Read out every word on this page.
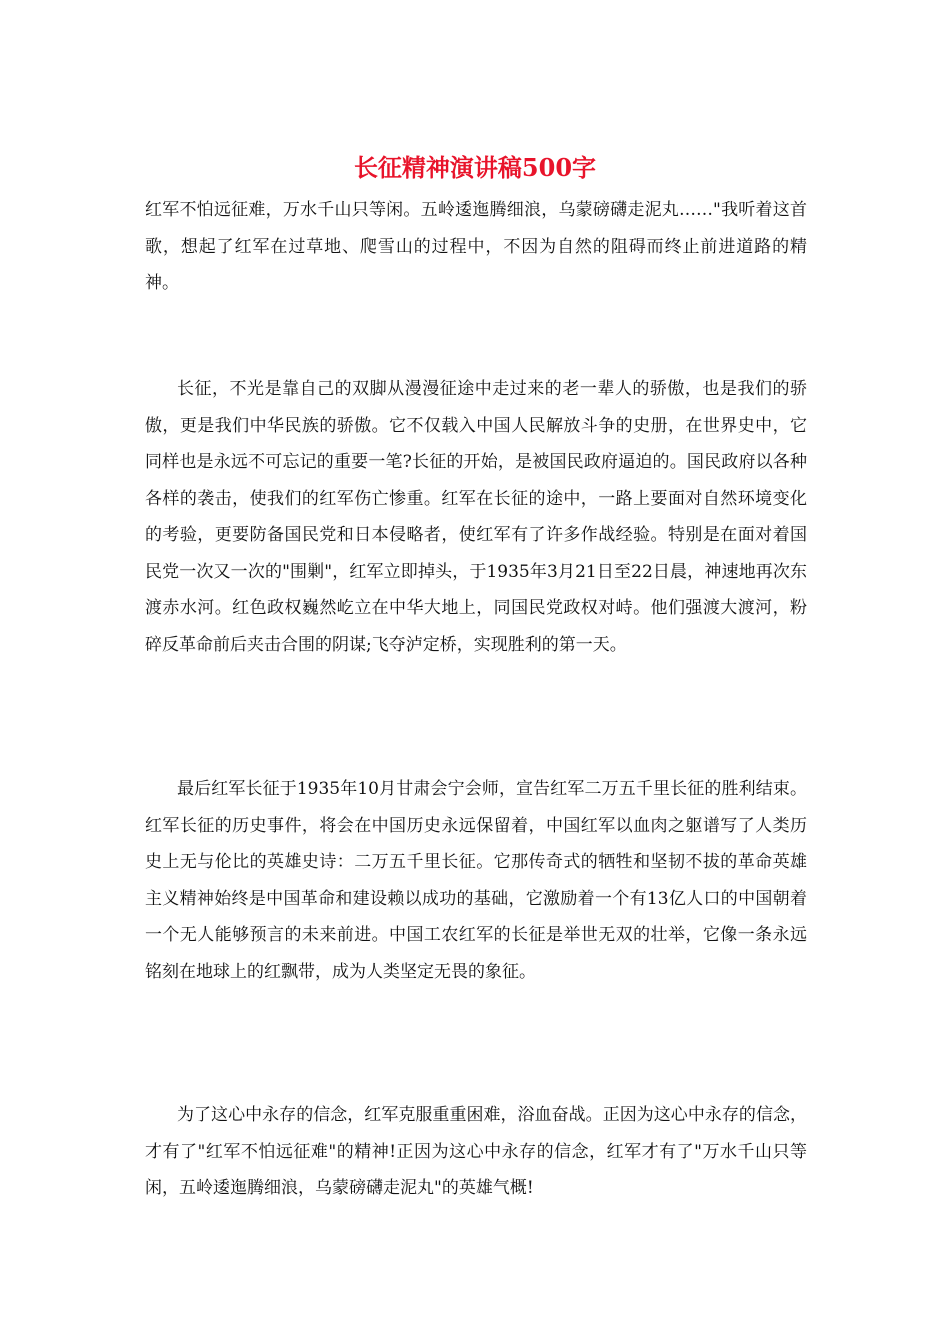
长征精神演讲稿500字

红军不怕远征难，万水千山只等闲。五岭逶迤腾细浪，乌蒙磅礴走泥丸……"我听着这首歌，想起了红军在过草地、爬雪山的过程中，不因为自然的阻碍而终止前进道路的精神。

长征，不光是靠自己的双脚从漫漫征途中走过来的老一辈人的骄傲，也是我们的骄傲，更是我们中华民族的骄傲。它不仅载入中国人民解放斗争的史册，在世界史中，它同样也是永远不可忘记的重要一笔?长征的开始，是被国民政府逼迫的。国民政府以各种各样的袭击，使我们的红军伤亡惨重。红军在长征的途中，一路上要面对自然环境变化的考验，更要防备国民党和日本侵略者，使红军有了许多作战经验。特别是在面对着国民党一次又一次的"围剿"，红军立即掉头，于1935年3月21日至22日晨，神速地再次东渡赤水河。红色政权巍然屹立在中华大地上，同国民党政权对峙。他们强渡大渡河，粉碎反革命前后夹击合围的阴谋;飞夺泸定桥，实现胜利的第一天。

最后红军长征于1935年10月甘肃会宁会师，宣告红军二万五千里长征的胜利结束。红军长征的历史事件，将会在中国历史永远保留着，中国红军以血肉之躯谱写了人类历史上无与伦比的英雄史诗：二万五千里长征。它那传奇式的牺牲和坚韧不拔的革命英雄主义精神始终是中国革命和建设赖以成功的基础，它激励着一个有13亿人口的中国朝着一个无人能够预言的未来前进。中国工农红军的长征是举世无双的壮举，它像一条永远铭刻在地球上的红飘带，成为人类坚定无畏的象征。

为了这心中永存的信念，红军克服重重困难，浴血奋战。正因为这心中永存的信念，才有了"红军不怕远征难"的精神!正因为这心中永存的信念，红军才有了"万水千山只等闲，五岭逶迤腾细浪，乌蒙磅礴走泥丸"的英雄气概!
